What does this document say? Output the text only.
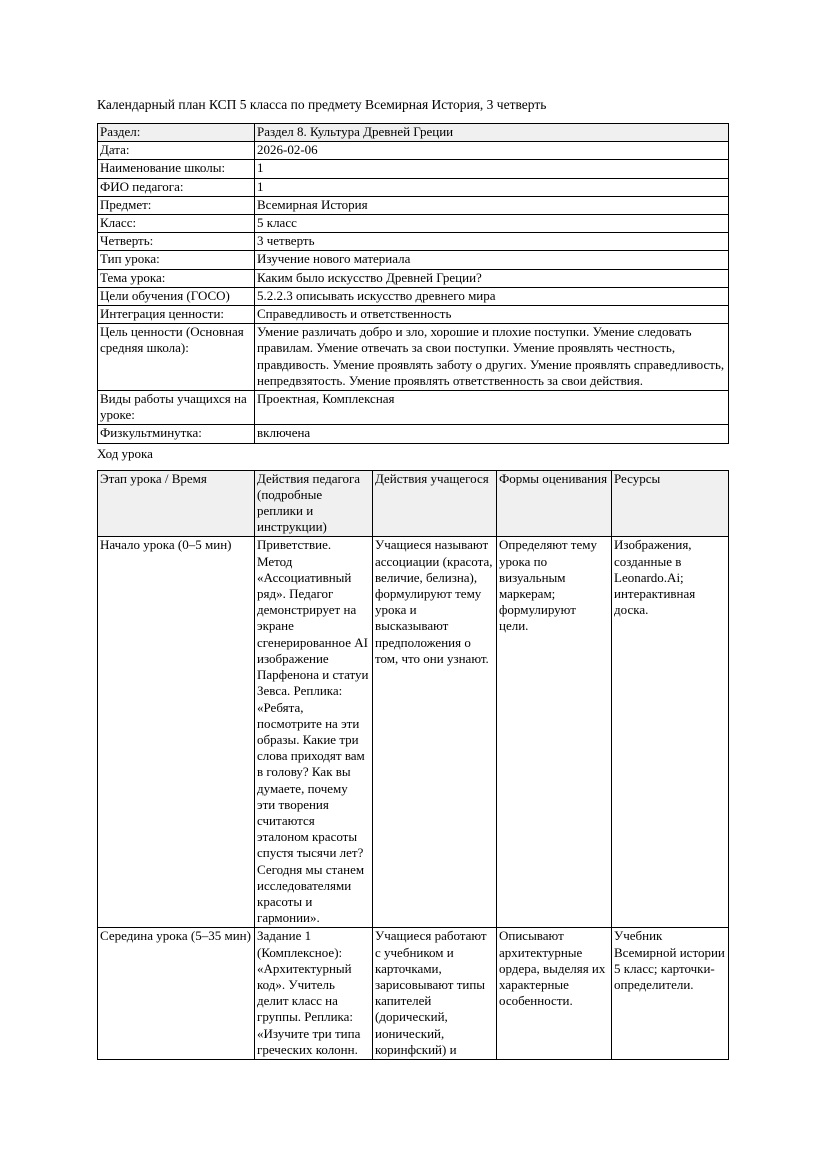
Календарный план КСП 5 класса по предмету Всемирная История, 3 четверть
Раздел:	Раздел 8. Культура Древней Греции
Дата:	2026-02-06
Наименование школы:	1
ФИО педагога:	1
Предмет:	Всемирная История
Класс:	5 класс
Четверть:	3 четверть
Тип урока:	Изучение нового материала
Тема урока:	Каким было искусство Древней Греции?
Цели обучения (ГОСО)	5.2.2.3 описывать искусство древнего мира
Интеграция ценности:	Справедливость и ответственность
Цель ценности (Основная средняя школа):	Умение различать добро и зло, хорошие и плохие поступки. Умение следовать правилам. Умение отвечать за свои поступки. Умение проявлять честность, правдивость. Умение проявлять заботу о других. Умение проявлять справедливость, непредвзятость. Умение проявлять ответственность за свои действия.
Виды работы учащихся на уроке:	Проектная, Комплексная
Физкультминутка:	включена
Ход урока
Этап урока / Время	Действия педагога (подробные реплики и инструкции)	Действия учащегося	Формы оценивания	Ресурсы
Начало урока (0–5 мин)	Приветствие. Метод «Ассоциативный ряд». Педагог демонстрирует на экране сгенерированное AI изображение Парфенона и статуи Зевса. Реплика: «Ребята, посмотрите на эти образы. Какие три слова приходят вам в голову? Как вы думаете, почему эти творения считаются эталоном красоты спустя тысячи лет? Сегодня мы станем исследователями красоты и гармонии».	Учащиеся называют ассоциации (красота, величие, белизна), формулируют тему урока и высказывают предположения о том, что они узнают.	Определяют тему урока по визуальным маркерам; формулируют цели.	Изображения, созданные в Leonardo.Ai; интерактивная доска.
Середина урока (5–35 мин)	Задание 1 (Комплексное): «Архитектурный код». Учитель делит класс на группы. Реплика: «Изучите три типа греческих колонн.	Учащиеся работают с учебником и карточками, зарисовывают типы капителей (дорический, ионический, коринфский) и	Описывают архитектурные ордера, выделяя их характерные особенности.	Учебник Всемирной истории 5 класс; карточки-определители.
